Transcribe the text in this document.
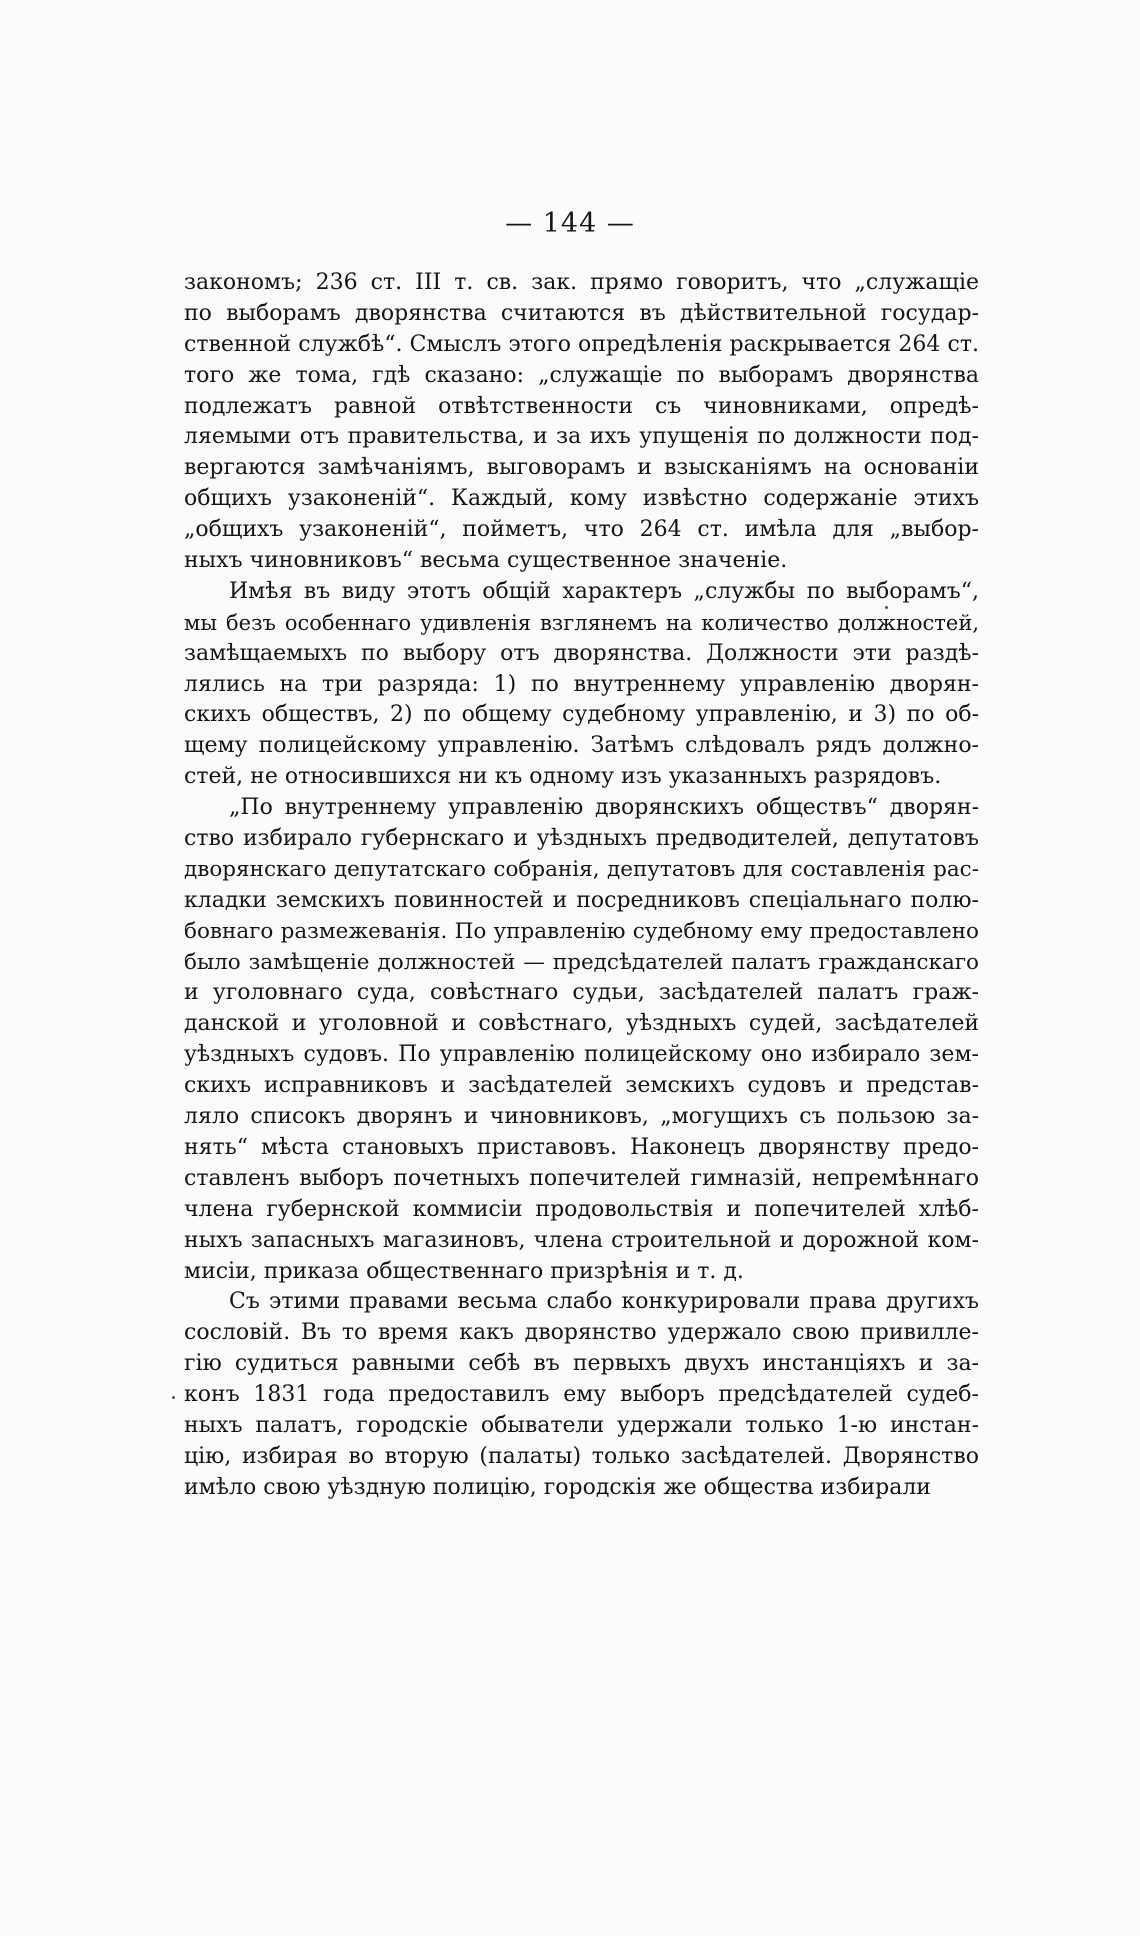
— 144 —
закономъ; 236 ст. III т. св. зак. прямо говоритъ, что „служащіе
по выборамъ дворянства считаются въ дѣйствительной государ-
ственной службѣ“. Смыслъ этого опредѣленія раскрывается 264 ст.
того же тома, гдѣ сказано: „служащіе по выборамъ дворянства
подлежатъ равной отвѣтственности съ чиновниками, опредѣ-
ляемыми отъ правительства, и за ихъ упущенія по должности под-
вергаются замѣчаніямъ, выговорамъ и взысканіямъ на основаніи
общихъ узаконеній“. Каждый, кому извѣстно содержаніе этихъ
„общихъ узаконеній“, пойметъ, что 264 ст. имѣла для „выбор-
ныхъ чиновниковъ“ весьма существенное значеніе.
Имѣя въ виду этотъ общій характеръ „службы по выборамъ“,
мы безъ особеннаго удивленія взглянемъ на количество должностей,
замѣщаемыхъ по выбору отъ дворянства. Должности эти раздѣ-
лялись на три разряда: 1) по внутреннему управленію дворян-
скихъ обществъ, 2) по общему судебному управленію, и 3) по об-
щему полицейскому управленію. Затѣмъ слѣдовалъ рядъ должно-
стей, не относившихся ни къ одному изъ указанныхъ разрядовъ.
„По внутреннему управленію дворянскихъ обществъ“ дворян-
ство избирало губернскаго и уѣздныхъ предводителей, депутатовъ
дворянскаго депутатскаго собранія, депутатовъ для составленія рас-
кладки земскихъ повинностей и посредниковъ спеціальнаго полю-
бовнаго размежеванія. По управленію судебному ему предоставлено
было замѣщеніе должностей — предсѣдателей палатъ гражданскаго
и уголовнаго суда, совѣстнаго судьи, засѣдателей палатъ граж-
данской и уголовной и совѣстнаго, уѣздныхъ судей, засѣдателей
уѣздныхъ судовъ. По управленію полицейскому оно избирало зем-
скихъ исправниковъ и засѣдателей земскихъ судовъ и представ-
ляло списокъ дворянъ и чиновниковъ, „могущихъ съ пользою за-
нять“ мѣста становыхъ приставовъ. Наконецъ дворянству предо-
ставленъ выборъ почетныхъ попечителей гимназій, непремѣннаго
члена губернской коммисіи продовольствія и попечителей хлѣб-
ныхъ запасныхъ магазиновъ, члена строительной и дорожной ком-
мисіи, приказа общественнаго призрѣнія и т. д.
Съ этими правами весьма слабо конкурировали права другихъ
сословій. Въ то время какъ дворянство удержало свою привилле-
гію судиться равными себѣ въ первыхъ двухъ инстанціяхъ и за-
конъ 1831 года предоставилъ ему выборъ предсѣдателей судеб-
ныхъ палатъ, городскіе обыватели удержали только 1-ю инстан-
цію, избирая во вторую (палаты) только засѣдателей. Дворянство
имѣло свою уѣздную полицію, городскія же общества избирали
